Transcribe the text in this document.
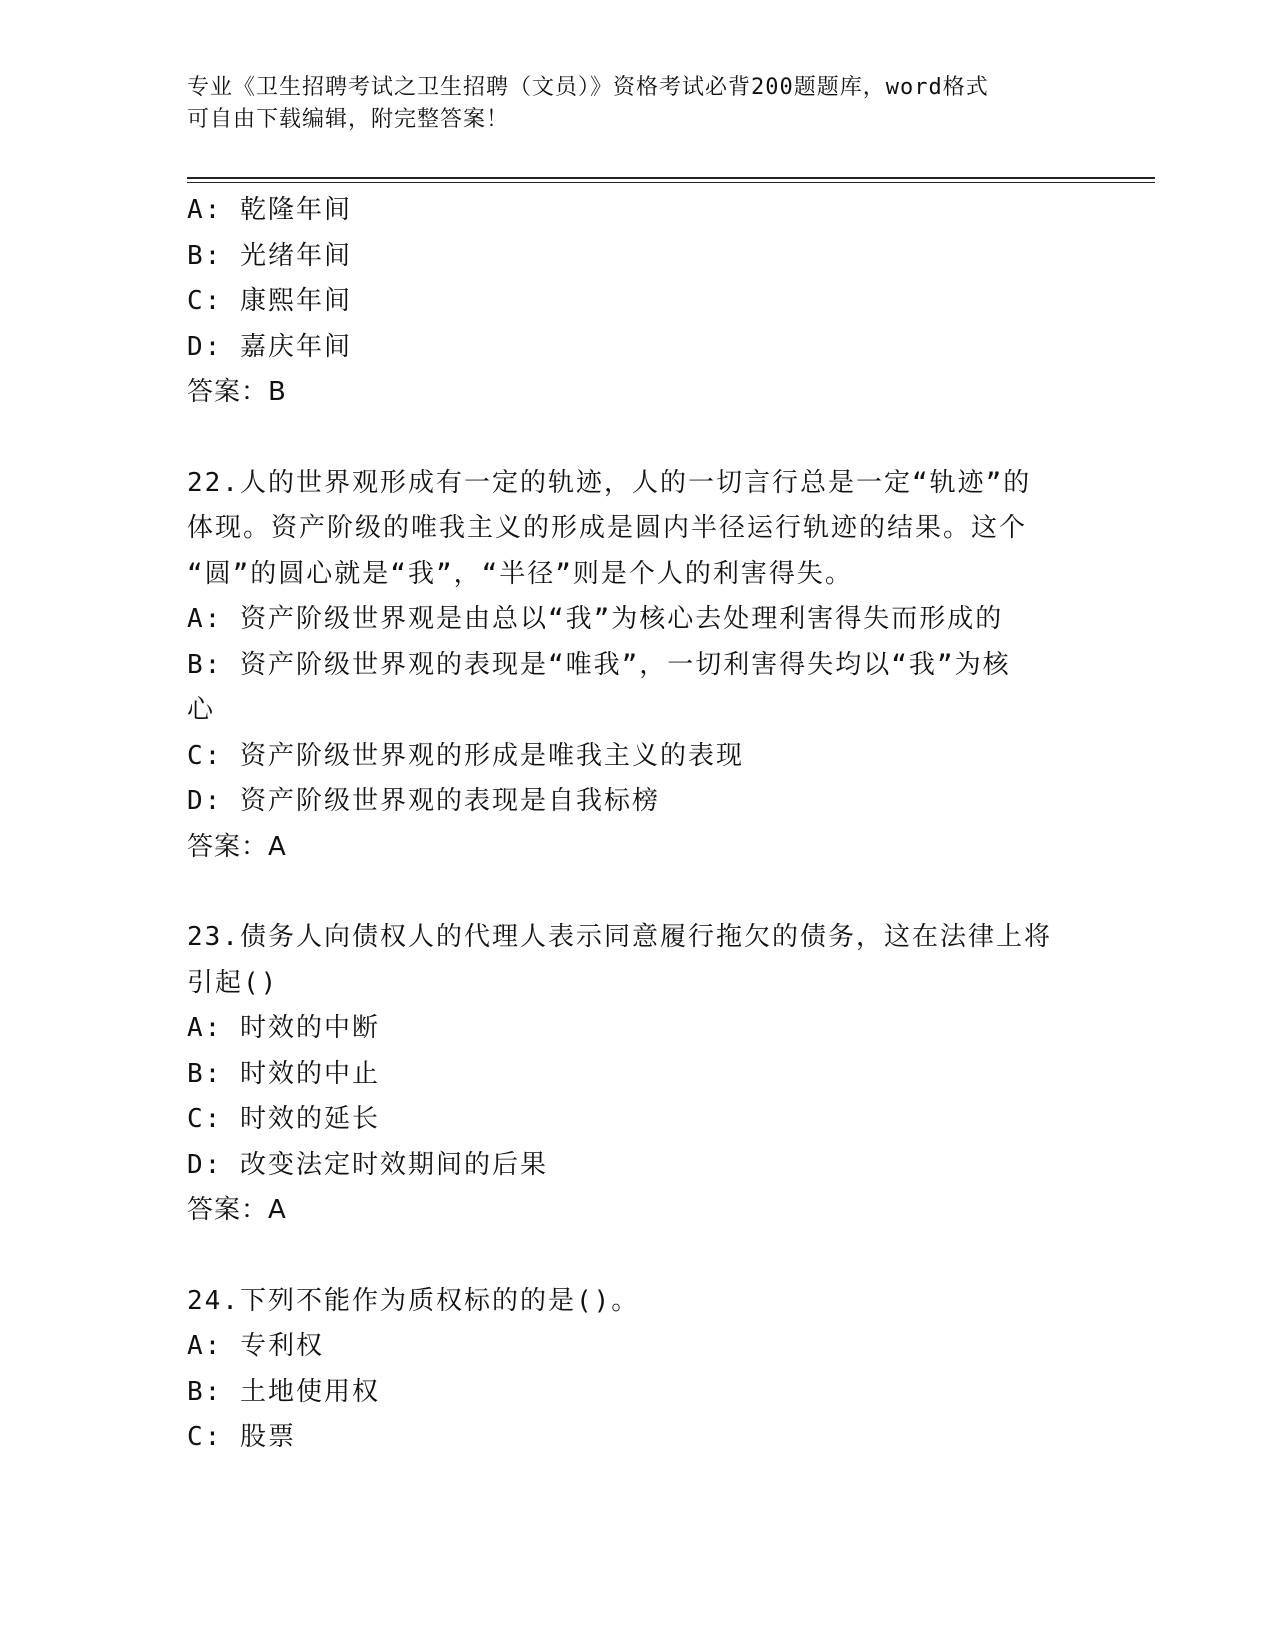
专业《卫生招聘考试之卫生招聘（文员）》资格考试必背200题题库，word格式
可自由下载编辑，附完整答案！
A: 乾隆年间
B: 光绪年间
C: 康熙年间
D: 嘉庆年间
答案：B
22.人的世界观形成有一定的轨迹，人的一切言行总是一定“轨迹”的
体现。资产阶级的唯我主义的形成是圆内半径运行轨迹的结果。这个
“圆”的圆心就是“我”，“半径”则是个人的利害得失。
A: 资产阶级世界观是由总以“我”为核心去处理利害得失而形成的
B: 资产阶级世界观的表现是“唯我”，一切利害得失均以“我”为核
心
C: 资产阶级世界观的形成是唯我主义的表现
D: 资产阶级世界观的表现是自我标榜
答案：A
23.债务人向债权人的代理人表示同意履行拖欠的债务，这在法律上将
引起()
A: 时效的中断
B: 时效的中止
C: 时效的延长
D: 改变法定时效期间的后果
答案：A
24.下列不能作为质权标的的是()。
A: 专利权
B: 土地使用权
C: 股票
